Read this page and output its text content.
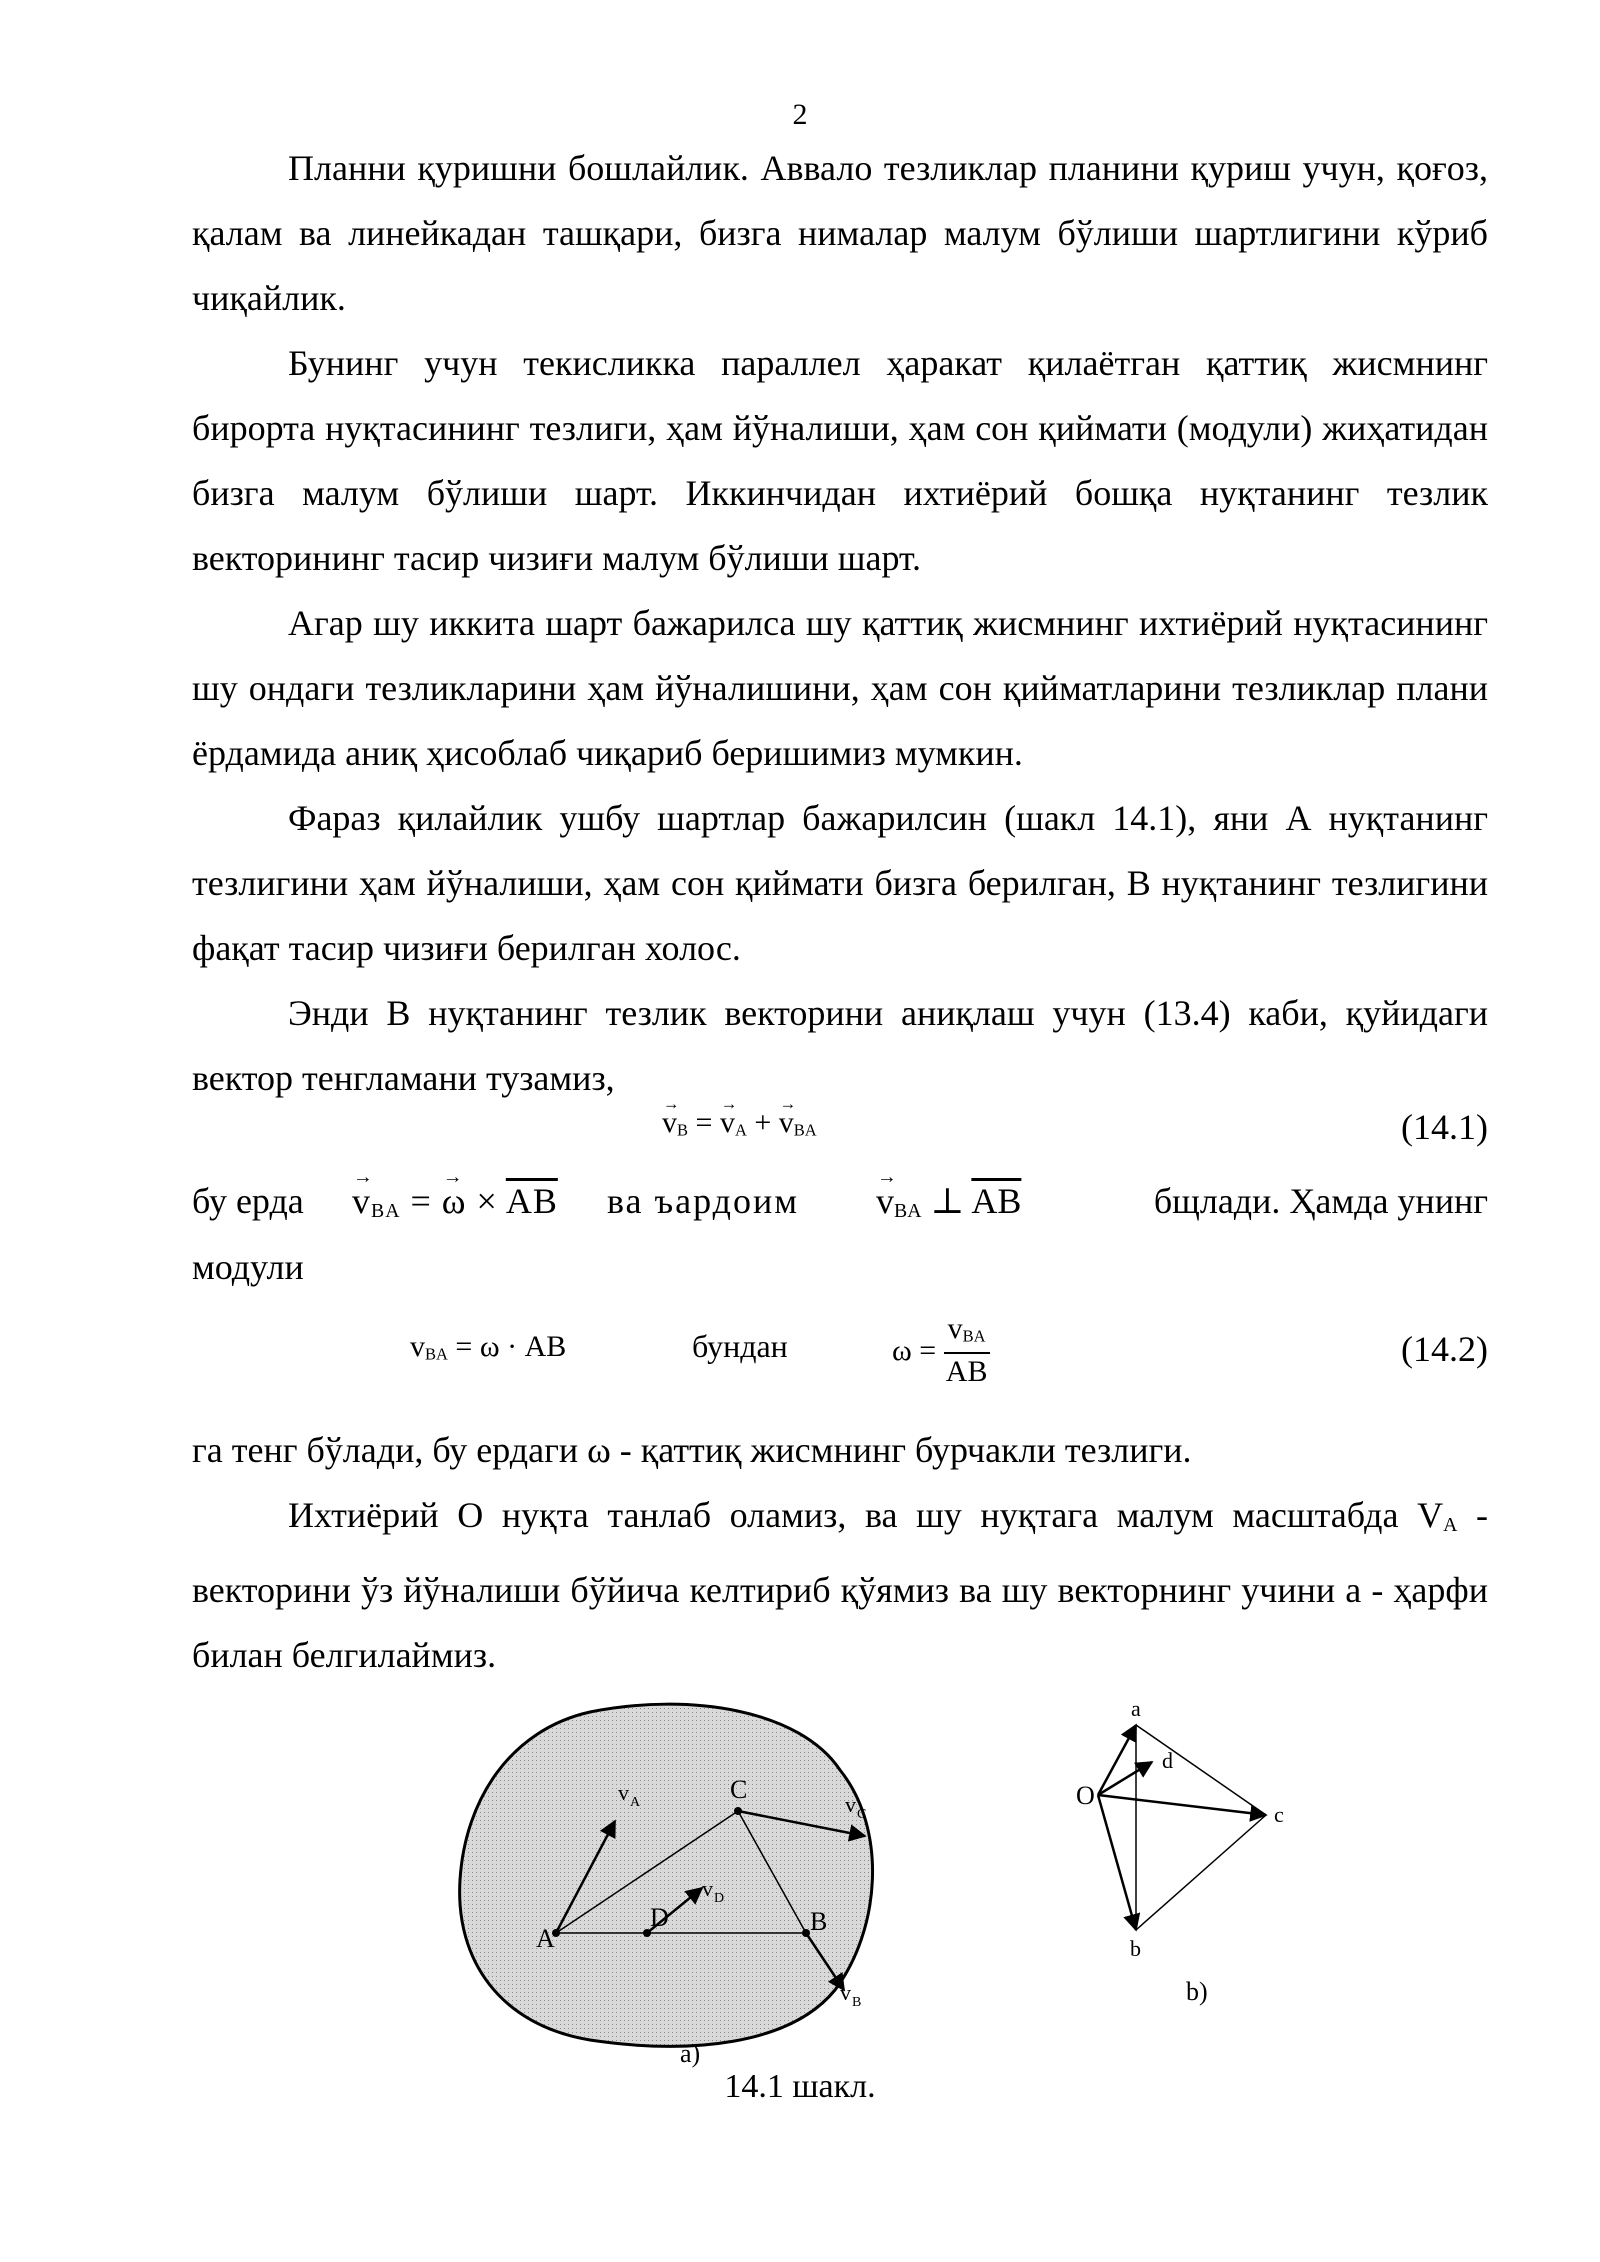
2

Планни қуришни бошлайлик. Аввало тезликлар планини қуриш учун, қоғоз, қалам ва линейкадан ташқари, бизга нималар малум бўлиши шартлигини кўриб чиқайлик.

Бунинг учун текисликка параллел ҳаракат қилаётган қаттиқ жисмнинг бирорта нуқтасининг тезлиги, ҳам йўналиши, ҳам сон қиймати (модули) жиҳатидан бизга малум бўлиши шарт. Иккинчидан ихтиёрий бошқа нуқтанинг тезлик векторининг тасир чизиғи малум бўлиши шарт.

Агар шу иккита шарт бажарилса шу қаттиқ жисмнинг ихтиёрий нуқтасининг шу ондаги тезликларини ҳам йўналишини, ҳам сон қийматларини тезликлар плани ёрдамида аниқ ҳисоблаб чиқариб беришимиз мумкин.

Фараз қилайлик ушбу шартлар бажарилсин (шакл 14.1), яни А нуқтанинг тезлигини ҳам йўналиши, ҳам сон қиймати бизга берилган, В нуқтанинг тезлигини фақат тасир чизиғи берилган холос.

Энди В нуқтанинг тезлик векторини аниқлаш учун (13.4) каби, қуйидаги вектор тенгламани тузамиз,

→ vB = → vA + → vBA	(14.1)
бу ерда → vBA = → $\omega \times \overline{AB}$ ва ъардоим → vBA ⊥ $\overline{AB}$	бщлади. Ҳамда унинг
модули
vBA = ω · AB	бундан	$\omega = \frac{\text{vBA}}{AB}$	(14.2)

га тенг бўлади, бу ердаги ω - қаттиқ жисмнинг бурчакли тезлиги.

Ихтиёрий О нуқта танлаб оламиз, ва шу нуқтага малум масштабда VA - векторини ўз йўналиши бўйича келтириб қўямиз ва шу векторнинг учини а - ҳарфи билан белгилаймиз.

A
B
C
D
v A	v C
v B
v D
a)
O
a
b
c
d
b)
14.1 шакл.
